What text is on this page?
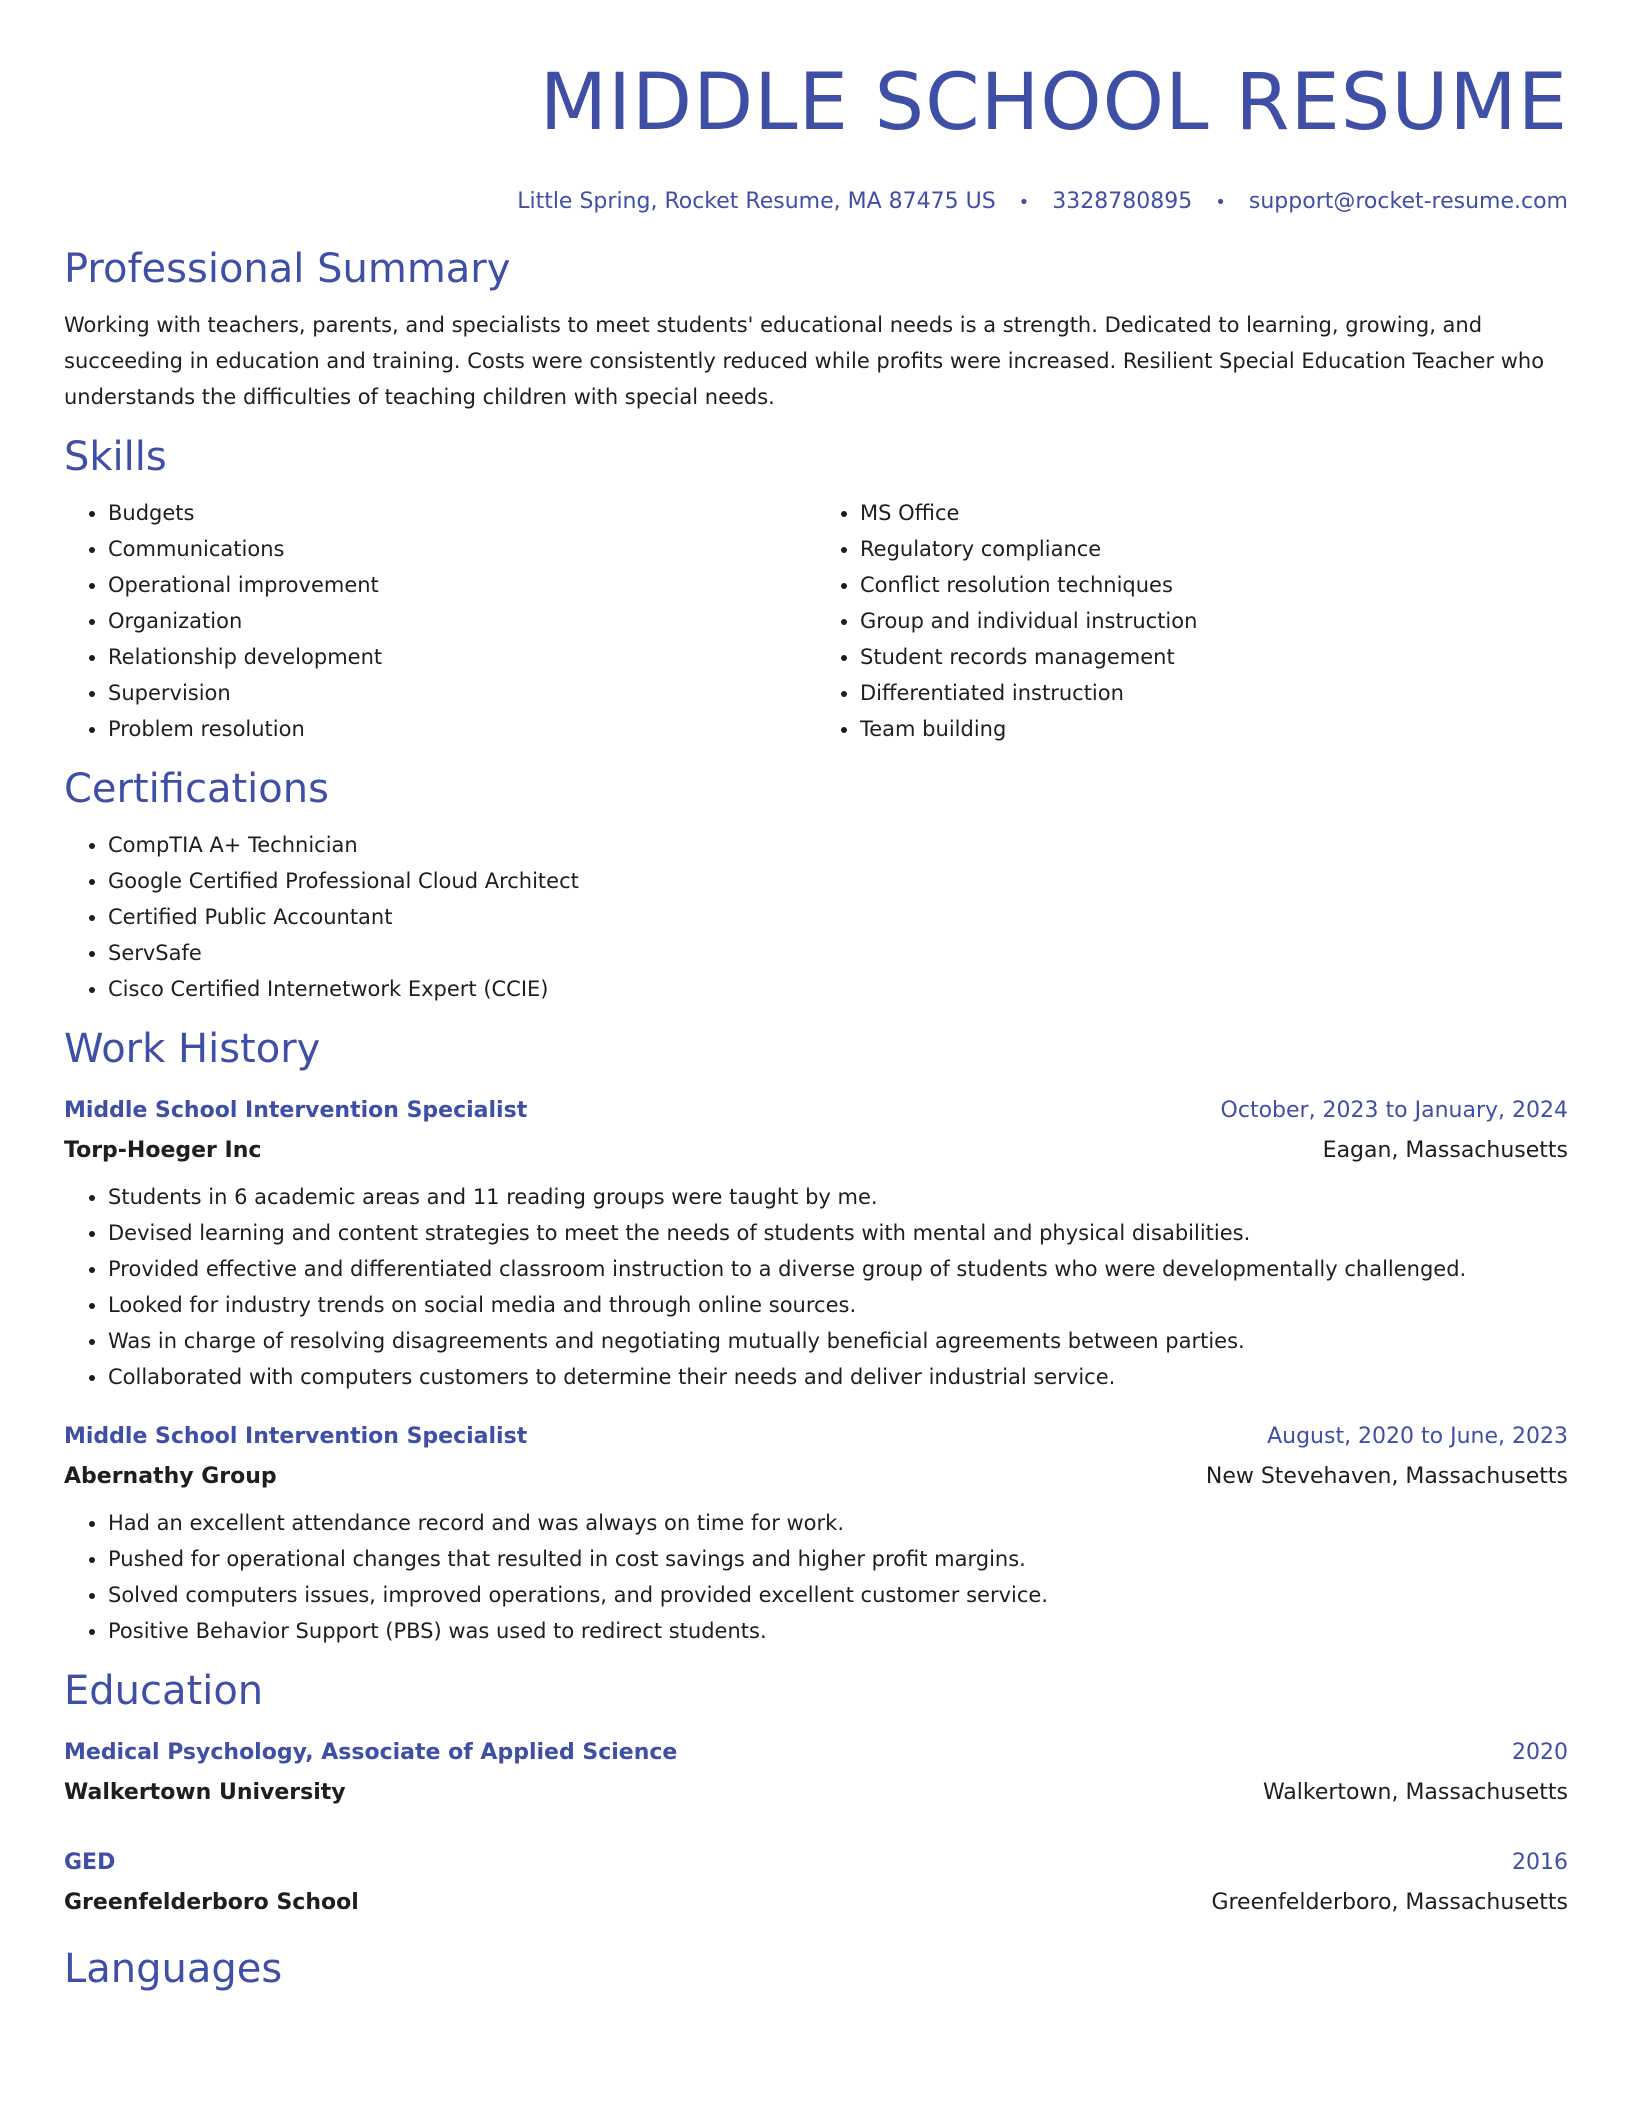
MIDDLE SCHOOL RESUME
Little Spring, Rocket Resume, MA 87475 US • 3328780895 • support@rocket-resume.com
Professional Summary

Working with teachers, parents, and specialists to meet students' educational needs is a strength. Dedicated to learning, growing, and succeeding in education and training. Costs were consistently reduced while profits were increased. Resilient Special Education Teacher who understands the difficulties of teaching children with special needs.

Skills
• Budgets
• Communications
• Operational improvement
• Organization
• Relationship development
• Supervision
• Problem resolution
• MS Office
• Regulatory compliance
• Conflict resolution techniques
• Group and individual instruction
• Student records management
• Differentiated instruction
• Team building
Certifications
• CompTIA A+ Technician
• Google Certified Professional Cloud Architect
• Certified Public Accountant
• ServSafe
• Cisco Certified Internetwork Expert (CCIE)
Work History
Middle School Intervention Specialist	October, 2023 to January, 2024
Torp-Hoeger Inc	Eagan, Massachusetts
• Students in 6 academic areas and 11 reading groups were taught by me.
• Devised learning and content strategies to meet the needs of students with mental and physical disabilities.
• Provided effective and differentiated classroom instruction to a diverse group of students who were developmentally challenged.
• Looked for industry trends on social media and through online sources.
• Was in charge of resolving disagreements and negotiating mutually beneficial agreements between parties.
• Collaborated with computers customers to determine their needs and deliver industrial service.
Middle School Intervention Specialist	August, 2020 to June, 2023
Abernathy Group	New Stevehaven, Massachusetts
• Had an excellent attendance record and was always on time for work.
• Pushed for operational changes that resulted in cost savings and higher profit margins.
• Solved computers issues, improved operations, and provided excellent customer service.
• Positive Behavior Support (PBS) was used to redirect students.
Education
Medical Psychology, Associate of Applied Science	2020
Walkertown University	Walkertown, Massachusetts
GED	2016
Greenfelderboro School	Greenfelderboro, Massachusetts
Languages
